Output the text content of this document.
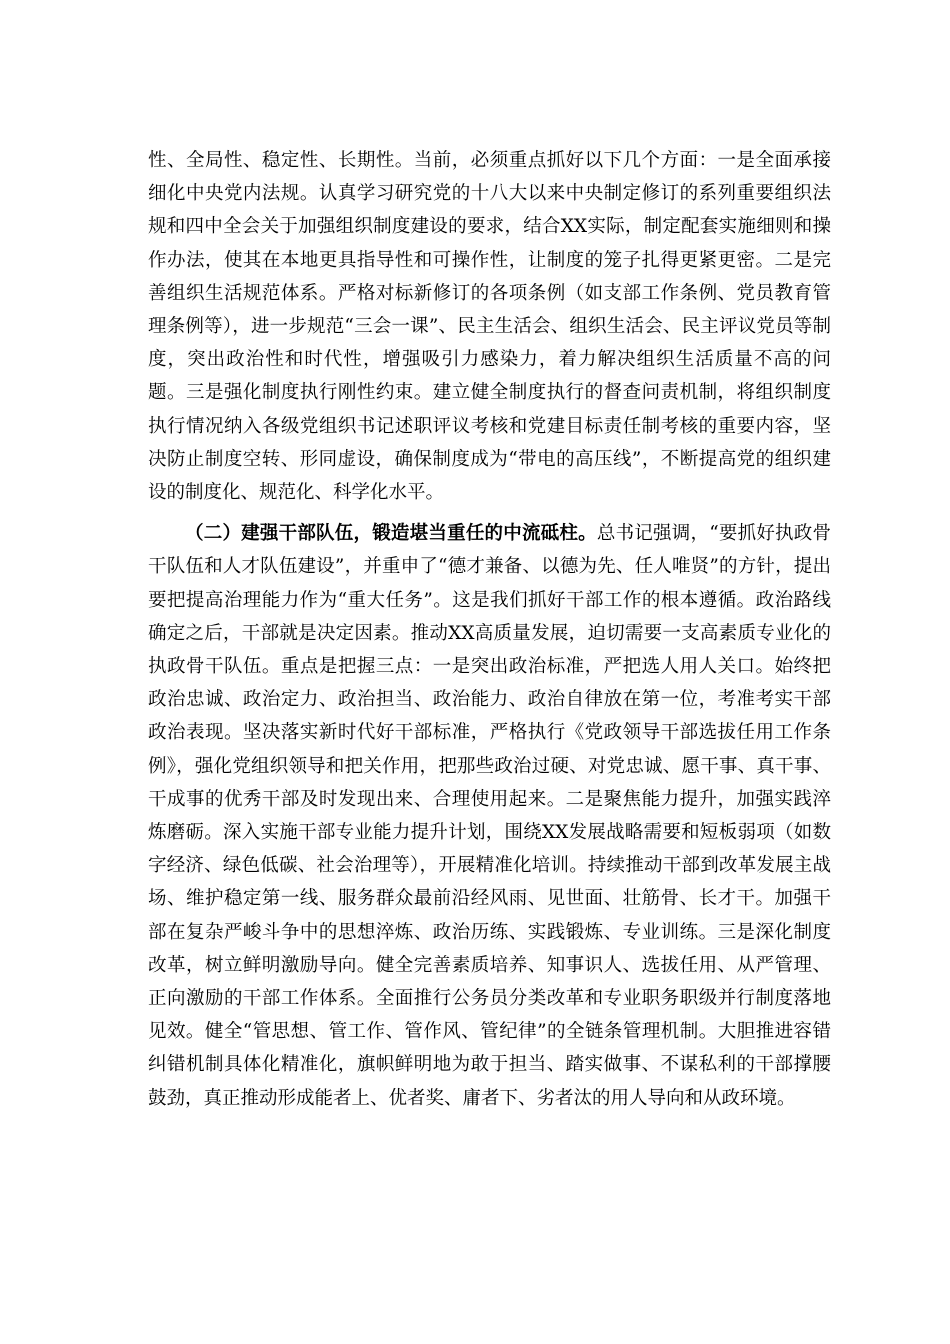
性、全局性、稳定性、长期性。当前，必须重点抓好以下几个方面：一是全面承接细化中央党内法规。认真学习研究党的十八大以来中央制定修订的系列重要组织法规和四中全会关于加强组织制度建设的要求，结合XX实际，制定配套实施细则和操作办法，使其在本地更具指导性和可操作性，让制度的笼子扎得更紧更密。二是完善组织生活规范体系。严格对标新修订的各项条例（如支部工作条例、党员教育管理条例等），进一步规范“三会一课”、民主生活会、组织生活会、民主评议党员等制度，突出政治性和时代性，增强吸引力感染力，着力解决组织生活质量不高的问题。三是强化制度执行刚性约束。建立健全制度执行的督查问责机制，将组织制度执行情况纳入各级党组织书记述职评议考核和党建目标责任制考核的重要内容，坚决防止制度空转、形同虚设，确保制度成为“带电的高压线”，不断提高党的组织建设的制度化、规范化、科学化水平。

（二）建强干部队伍，锻造堪当重任的中流砥柱。总书记强调，“要抓好执政骨干队伍和人才队伍建设”，并重申了“德才兼备、以德为先、任人唯贤”的方针，提出要把提高治理能力作为“重大任务”。这是我们抓好干部工作的根本遵循。政治路线确定之后，干部就是决定因素。推动XX高质量发展，迫切需要一支高素质专业化的执政骨干队伍。重点是把握三点：一是突出政治标准，严把选人用人关口。始终把政治忠诚、政治定力、政治担当、政治能力、政治自律放在第一位，考准考实干部政治表现。坚决落实新时代好干部标准，严格执行《党政领导干部选拔任用工作条例》，强化党组织领导和把关作用，把那些政治过硬、对党忠诚、愿干事、真干事、干成事的优秀干部及时发现出来、合理使用起来。二是聚焦能力提升，加强实践淬炼磨砺。深入实施干部专业能力提升计划，围绕XX发展战略需要和短板弱项（如数字经济、绿色低碳、社会治理等），开展精准化培训。持续推动干部到改革发展主战场、维护稳定第一线、服务群众最前沿经风雨、见世面、壮筋骨、长才干。加强干部在复杂严峻斗争中的思想淬炼、政治历练、实践锻炼、专业训练。三是深化制度改革，树立鲜明激励导向。健全完善素质培养、知事识人、选拔任用、从严管理、正向激励的干部工作体系。全面推行公务员分类改革和专业职务职级并行制度落地见效。健全“管思想、管工作、管作风、管纪律”的全链条管理机制。大胆推进容错纠错机制具体化精准化，旗帜鲜明地为敢于担当、踏实做事、不谋私利的干部撑腰鼓劲，真正推动形成能者上、优者奖、庸者下、劣者汰的用人导向和从政环境。
